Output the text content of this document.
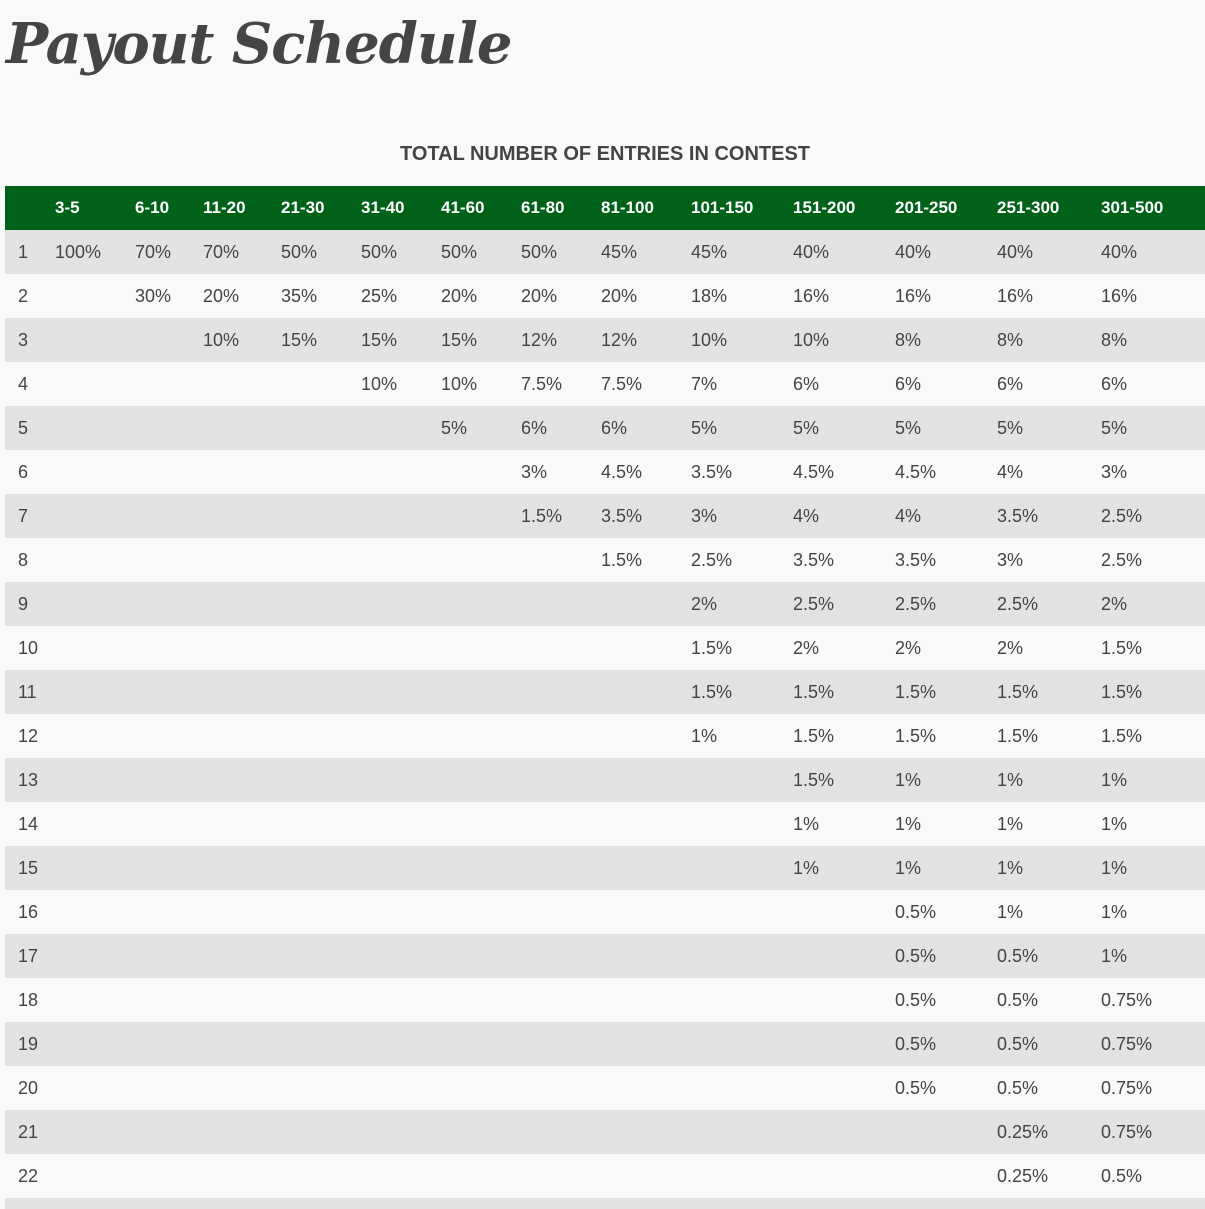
Payout Schedule
TOTAL NUMBER OF ENTRIES IN CONTEST
	3-5	6-10	11-20	21-30	31-40	41-60	61-80	81-100	101-150	151-200	201-250	251-300	301-500
1	100%	70%	70%	50%	50%	50%	50%	45%	45%	40%	40%	40%	40%
2		30%	20%	35%	25%	20%	20%	20%	18%	16%	16%	16%	16%
3			10%	15%	15%	15%	12%	12%	10%	10%	8%	8%	8%
4					10%	10%	7.5%	7.5%	7%	6%	6%	6%	6%
5						5%	6%	6%	5%	5%	5%	5%	5%
6							3%	4.5%	3.5%	4.5%	4.5%	4%	3%
7							1.5%	3.5%	3%	4%	4%	3.5%	2.5%
8								1.5%	2.5%	3.5%	3.5%	3%	2.5%
9									2%	2.5%	2.5%	2.5%	2%
10									1.5%	2%	2%	2%	1.5%
11									1.5%	1.5%	1.5%	1.5%	1.5%
12									1%	1.5%	1.5%	1.5%	1.5%
13										1.5%	1%	1%	1%
14										1%	1%	1%	1%
15										1%	1%	1%	1%
16											0.5%	1%	1%
17											0.5%	0.5%	1%
18											0.5%	0.5%	0.75%
19											0.5%	0.5%	0.75%
20											0.5%	0.5%	0.75%
21												0.25%	0.75%
22												0.25%	0.5%
